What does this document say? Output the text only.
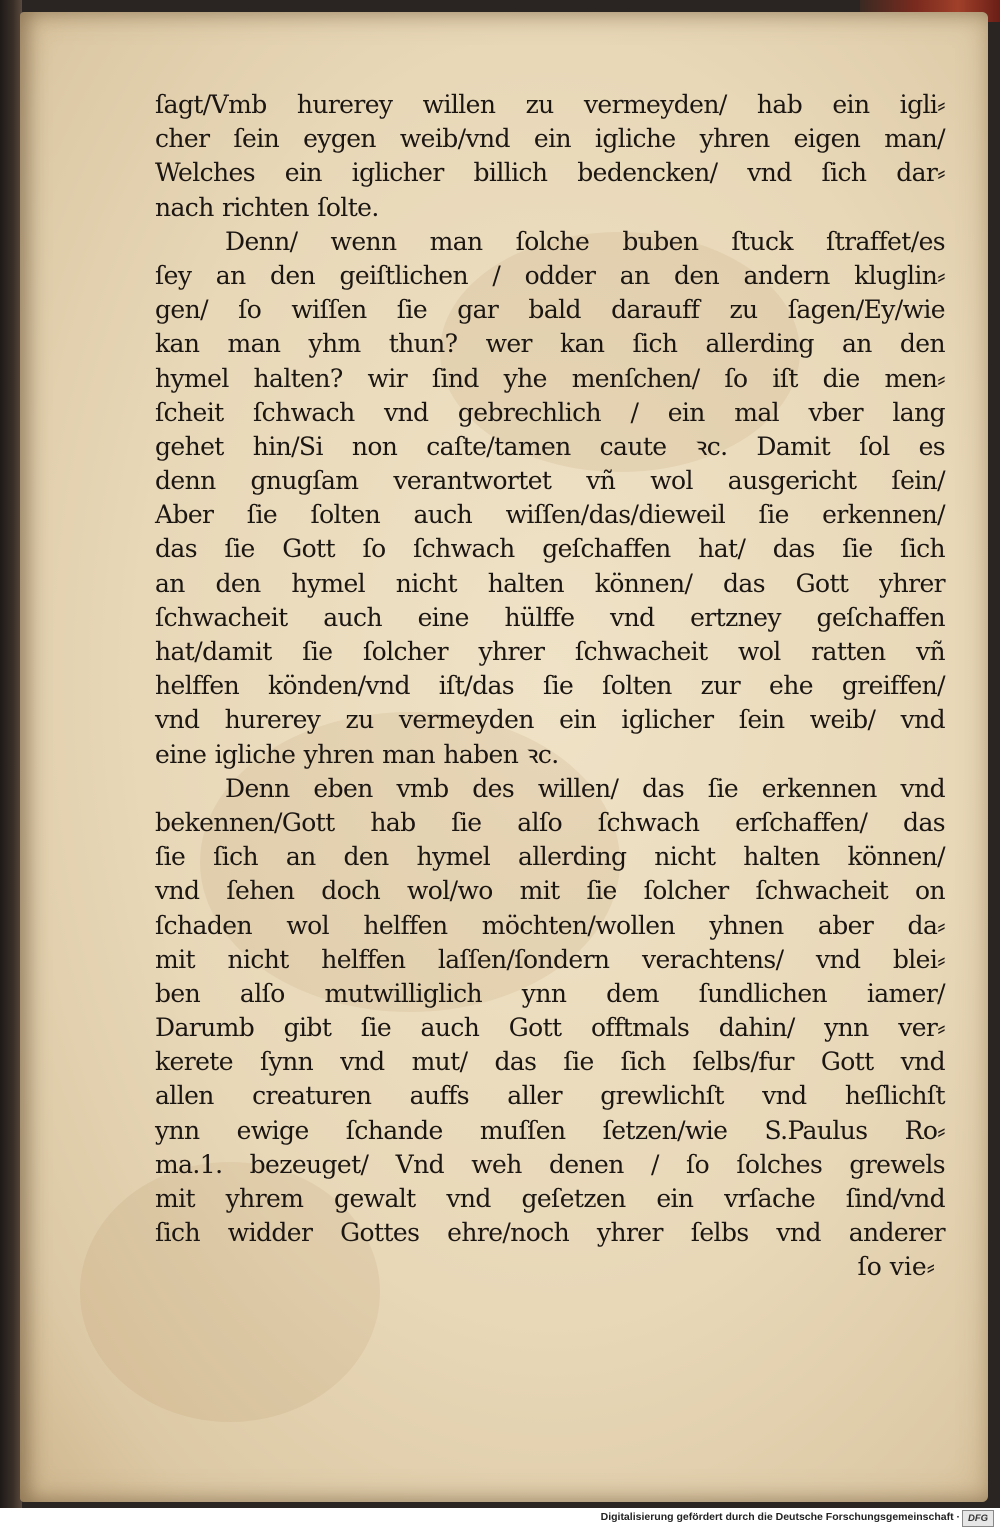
ſagt/Vmb hurerey willen zu vermeyden/ hab ein igli⸗
cher ſein eygen weib/vnd ein igliche yhren eigen man/
Welches ein iglicher billich bedencken/ vnd ſich dar⸗
nach richten ſolte.
Denn/ wenn man ſolche buben ſtuck ſtraffet/es
ſey an den geiſtlichen / odder an den andern kluglin⸗
gen/ ſo wiſſen ſie gar bald darauff zu ſagen/Ey/wie
kan man yhm thun? wer kan ſich allerding an den
hymel halten? wir ſind yhe menſchen/ ſo iſt die men⸗
ſcheit ſchwach vnd gebrechlich / ein mal vber lang
gehet hin/Si non caſte/tamen caute ꝛc. Damit ſol es
denn gnugſam verantwortet vñ wol ausgericht ſein/
Aber ſie ſolten auch wiſſen/das/dieweil ſie erkennen/
das ſie Gott ſo ſchwach geſchaffen hat/ das ſie ſich
an den hymel nicht halten können/ das Gott yhrer
ſchwacheit auch eine hülffe vnd ertzney geſchaffen
hat/damit ſie ſolcher yhrer ſchwacheit wol ratten vñ
helffen könden/vnd iſt/das ſie ſolten zur ehe greiffen/
vnd hurerey zu vermeyden ein iglicher ſein weib/ vnd
eine igliche yhren man haben ꝛc.
Denn eben vmb des willen/ das ſie erkennen vnd
bekennen/Gott hab ſie alſo ſchwach erſchaffen/ das
ſie ſich an den hymel allerding nicht halten können/
vnd ſehen doch wol/wo mit ſie ſolcher ſchwacheit on
ſchaden wol helffen möchten/wollen yhnen aber da⸗
mit nicht helffen laſſen/ſondern verachtens/ vnd blei⸗
ben alſo mutwilliglich ynn dem ſundlichen iamer/
Darumb gibt ſie auch Gott offtmals dahin/ ynn ver⸗
kerete ſynn vnd mut/ das ſie ſich ſelbs/fur Gott vnd
allen creaturen auffs aller grewlichſt vnd heſlichſt
ynn ewige ſchande muſſen ſetzen/wie S.Paulus Ro⸗
ma.1. bezeuget/ Vnd weh denen / ſo ſolches grewels
mit yhrem gewalt vnd geſetzen ein vrſache ſind/vnd
ſich widder Gottes ehre/noch yhrer ſelbs vnd anderer
ſo vie⸗
Digitalisierung gefördert durch die Deutsche Forschungsgemeinschaft · DFG
